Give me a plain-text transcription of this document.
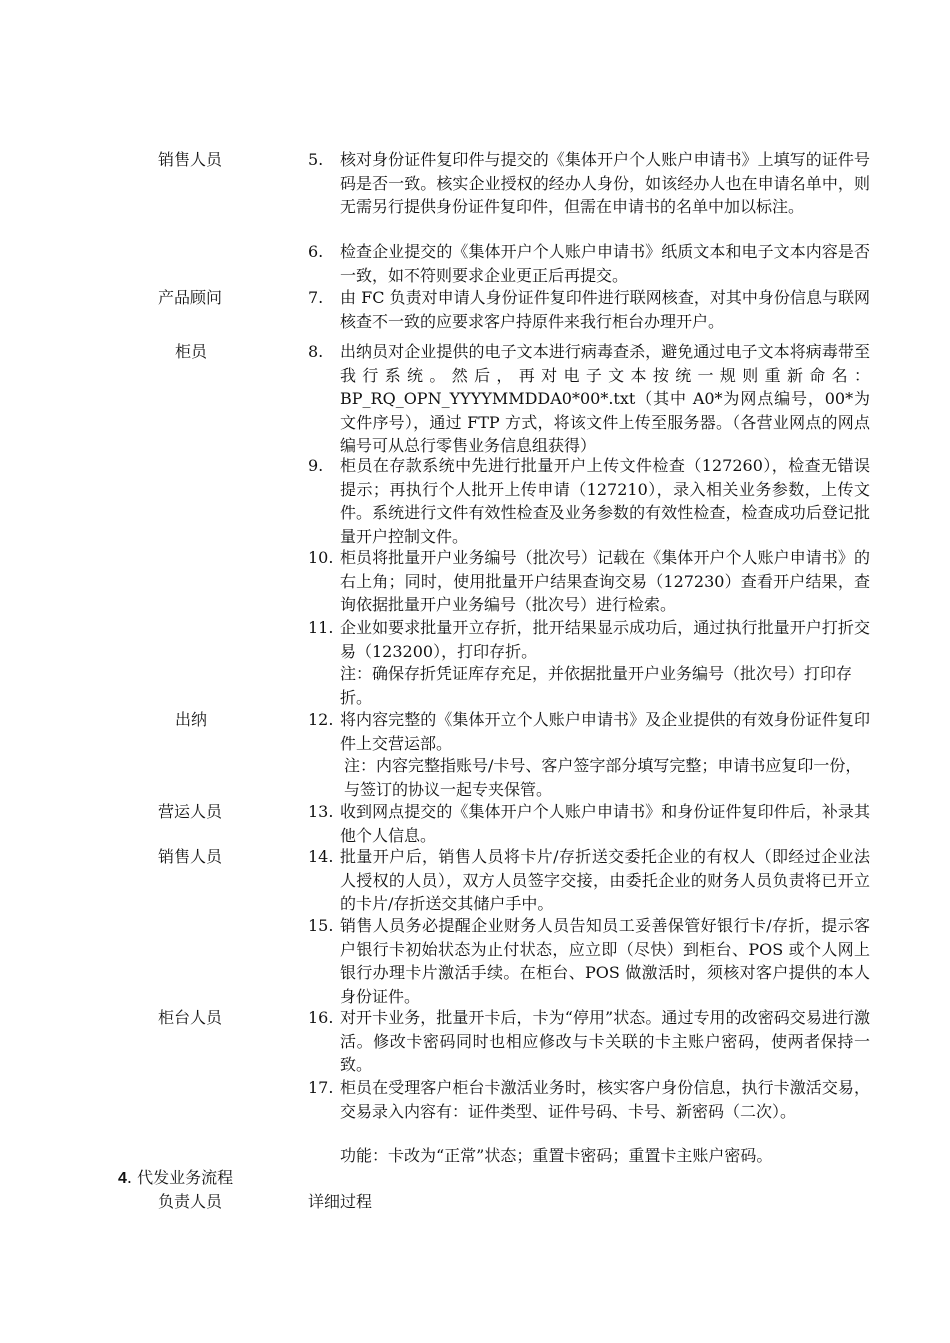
销售人员
产品顾问
柜员
出纳
营运人员
销售人员
柜台人员
5. 核对身份证件复印件与提交的《集体开户个人账户申请书》上填写的证件号码是否一致。核实企业授权的经办人身份，如该经办人也在申请名单中，则无需另行提供身份证件复印件，但需在申请书的名单中加以标注。
6. 检查企业提交的《集体开户个人账户申请书》纸质文本和电子文本内容是否一致，如不符则要求企业更正后再提交。
7. 由 FC 负责对申请人身份证件复印件进行联网核查，对其中身份信息与联网核查不一致的应要求客户持原件来我行柜台办理开户。
8. 出纳员对企业提供的电子文本进行病毒查杀，避免通过电子文本将病毒带至我行系统。然后，再对电子文本按统一规则重新命名：BP_RQ_OPN_YYYYMMDDA0*00*.txt（其中 A0*为网点编号，00*为文件序号），通过 FTP 方式，将该文件上传至服务器。（各营业网点的网点编号可从总行零售业务信息组获得）
9. 柜员在存款系统中先进行批量开户上传文件检查（127260），检查无错误提示；再执行个人批开上传申请（127210），录入相关业务参数，上传文件。系统进行文件有效性检查及业务参数的有效性检查，检查成功后登记批量开户控制文件。
10. 柜员将批量开户业务编号（批次号）记载在《集体开户个人账户申请书》的右上角；同时，使用批量开户结果查询交易（127230）查看开户结果，查询依据批量开户业务编号（批次号）进行检索。
11. 企业如要求批量开立存折，批开结果显示成功后，通过执行批量开户打折交易（123200），打印存折。
注：确保存折凭证库存充足，并依据批量开户业务编号（批次号）打印存折。
12. 将内容完整的《集体开立个人账户申请书》及企业提供的有效身份证件复印件上交营运部。
注：内容完整指账号/卡号、客户签字部分填写完整；申请书应复印一份，与签订的协议一起专夹保管。
13. 收到网点提交的《集体开户个人账户申请书》和身份证件复印件后，补录其他个人信息。
14. 批量开户后，销售人员将卡片/存折送交委托企业的有权人（即经过企业法人授权的人员），双方人员签字交接，由委托企业的财务人员负责将已开立的卡片/存折送交其储户手中。
15. 销售人员务必提醒企业财务人员告知员工妥善保管好银行卡/存折，提示客户银行卡初始状态为止付状态，应立即（尽快）到柜台、POS 或个人网上银行办理卡片激活手续。在柜台、POS 做激活时，须核对客户提供的本人身份证件。
16. 对开卡业务，批量开卡后，卡为“停用”状态。通过专用的改密码交易进行激活。修改卡密码同时也相应修改与卡关联的卡主账户密码，使两者保持一致。
17. 柜员在受理客户柜台卡激活业务时，核实客户身份信息，执行卡激活交易，交易录入内容有：证件类型、证件号码、卡号、新密码（二次）。
功能：卡改为“正常”状态；重置卡密码；重置卡主账户密码。
4. 代发业务流程
负责人员	详细过程
